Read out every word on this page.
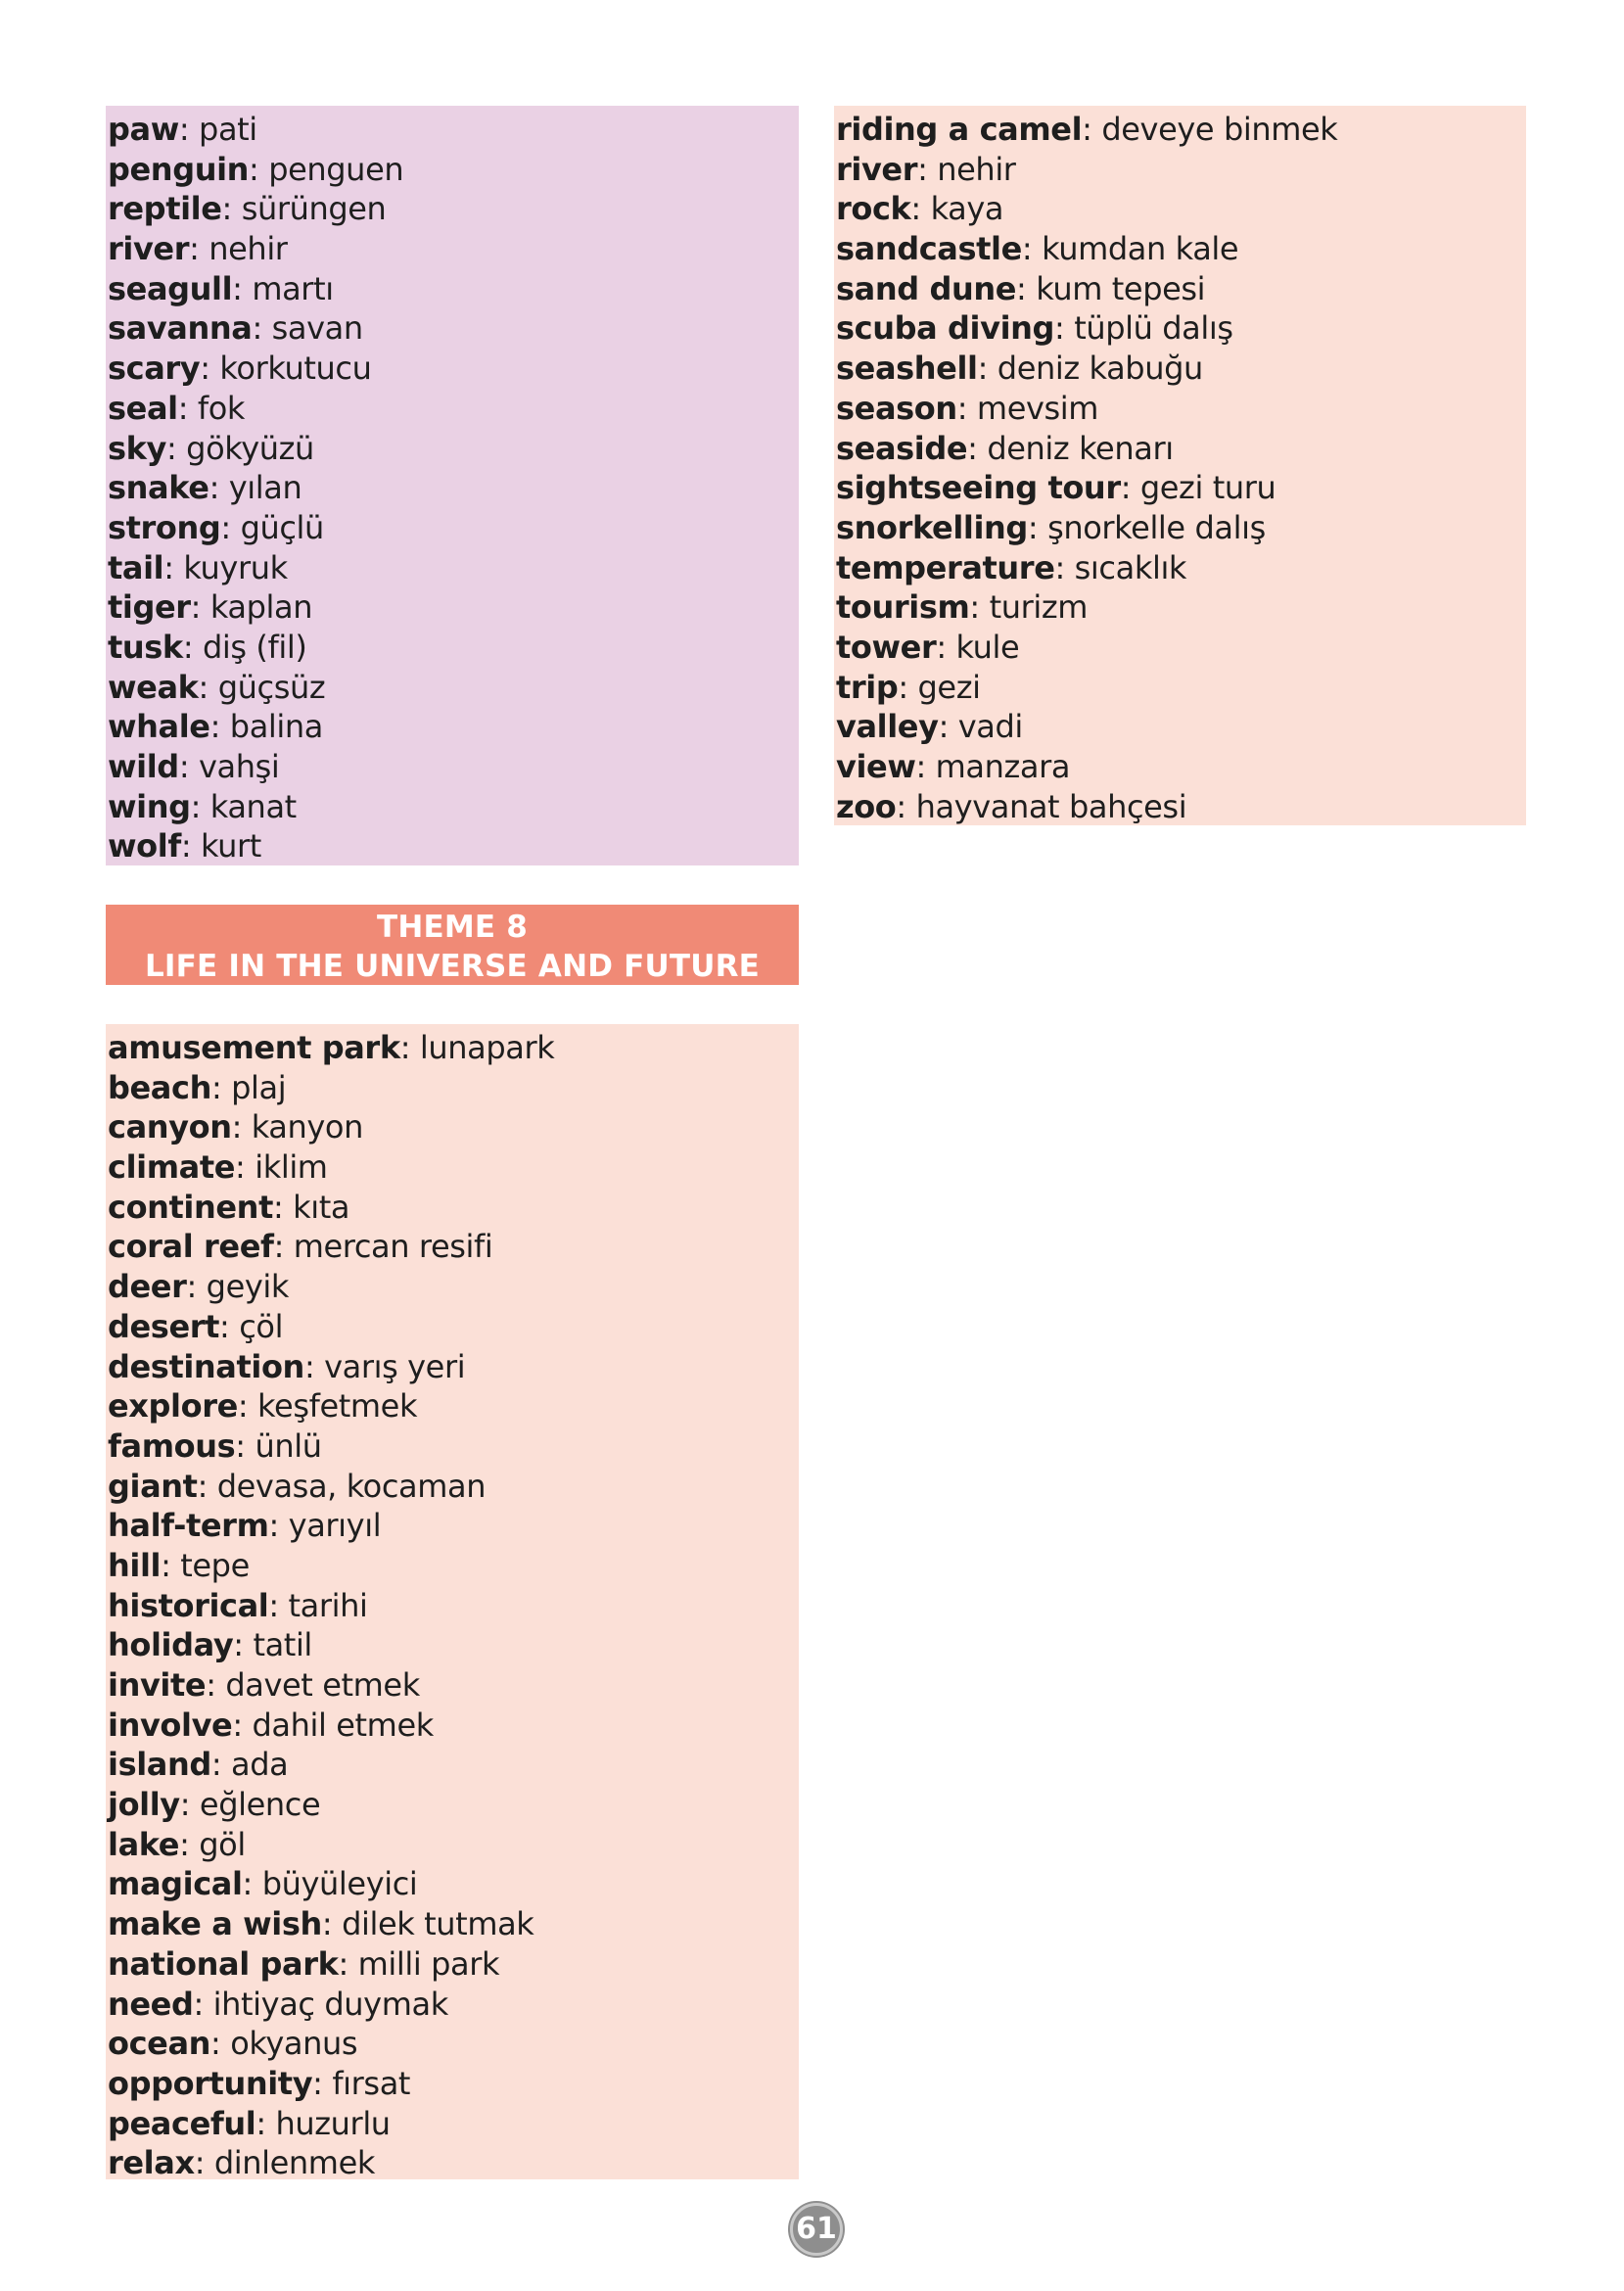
paw: pati
penguin: penguen
reptile: sürüngen
river: nehir
seagull: martı
savanna: savan
scary: korkutucu
seal: fok
sky: gökyüzü
snake: yılan
strong: güçlü
tail: kuyruk
tiger: kaplan
tusk: diş (fil)
weak: güçsüz
whale: balina
wild: vahşi
wing: kanat
wolf: kurt
THEME 8
LIFE IN THE UNIVERSE AND FUTURE
amusement park: lunapark
beach: plaj
canyon: kanyon
climate: iklim
continent: kıta
coral reef: mercan resifi
deer: geyik
desert: çöl
destination: varış yeri
explore: keşfetmek
famous: ünlü
giant: devasa, kocaman
half-term: yarıyıl
hill: tepe
historical: tarihi
holiday: tatil
invite: davet etmek
involve: dahil etmek
island: ada
jolly: eğlence
lake: göl
magical: büyüleyici
make a wish: dilek tutmak
national park: milli park
need: ihtiyaç duymak
ocean: okyanus
opportunity: fırsat
peaceful: huzurlu
relax: dinlenmek
riding a camel: deveye binmek
river: nehir
rock: kaya
sandcastle: kumdan kale
sand dune: kum tepesi
scuba diving: tüplü dalış
seashell: deniz kabuğu
season: mevsim
seaside: deniz kenarı
sightseeing tour: gezi turu
snorkelling: şnorkelle dalış
temperature: sıcaklık
tourism: turizm
tower: kule
trip: gezi
valley: vadi
view: manzara
zoo: hayvanat bahçesi
61
